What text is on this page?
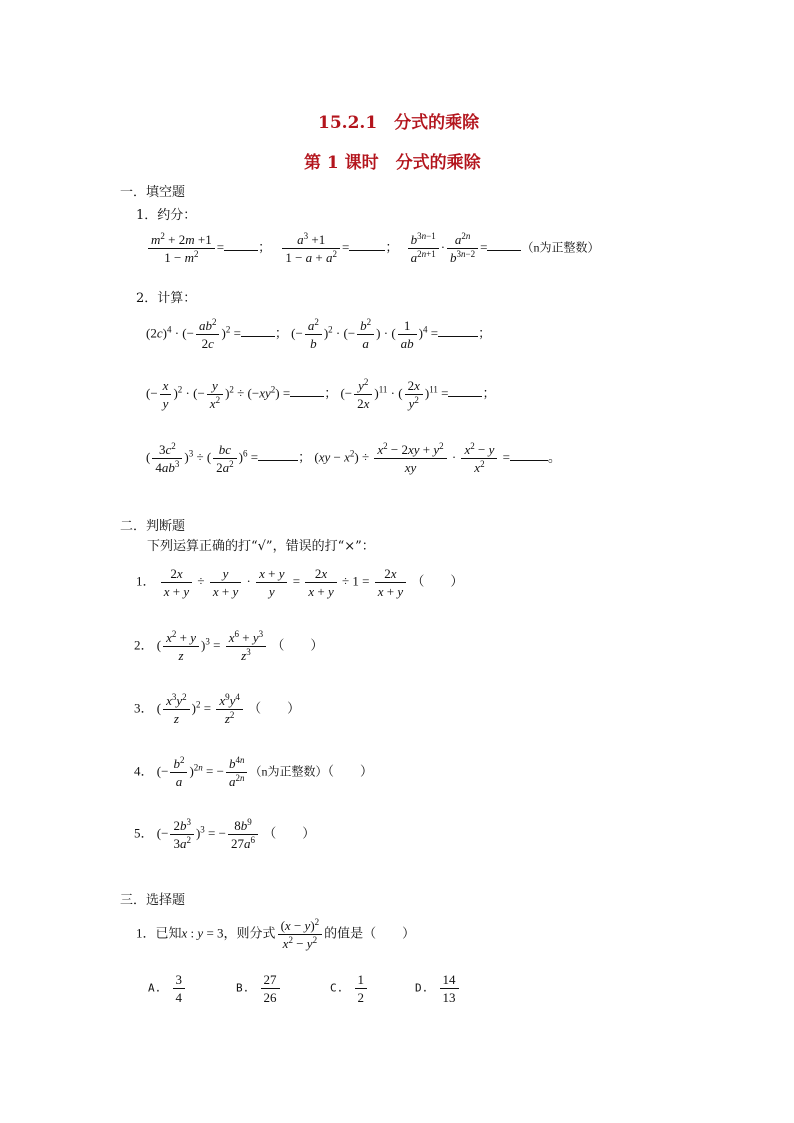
15.2.1　分式的乘除
第 1 课时　分式的乘除
一．填空题
1．约分：
$\frac{m^2 + 2m +1}{1 - m^2}$ =	； $\frac{a^3 +1}{1 - a + a^2}$ =	； $\frac{b^{3n-1}}{a^{2n+1}} \cdot \frac{a^{2n}}{b^{3n-2}}$ =	（n为正整数）
2．计算：
$(2c)^4$ · (− $\frac{ab^2}{2c} )^2$ =	； (− $\frac{a^2}{b} )^2$ · (− $\frac{b^2}{a}$ ) · ( $\frac{1}{ab} )^4$ =	；
(− $\frac{x}{y} )^2$ · (− $\frac{y}{x^2} )^2 \div (-xy^2)$ =	； (− $\frac{y^2}{2x} )^{11}$ · ( $\frac{2x}{y^2} )^{11}$ =	；
( $\frac{3c^2}{4ab^3} )^3$ ÷ ( $\frac{bc}{2a^2} )^6$ =	； $(xy - x^2) \div \frac{x^2 - 2xy + y^2}{xy} \cdot \frac{x^2 - y}{x^2}$ =	。
二．判断题
下列运算正确的打“√”，错误的打“×”：
1． $\frac{2x}{x + y} \div \frac{y}{x + y} \cdot \frac{x + y}{y} = \frac{2x}{x + y} \div 1 = \frac{2x}{x + y}$ （　　）
2． ( $\frac{x^2 + y}{z} )^3 = \frac{x^6 + y^3}{z^3}$ （　　）
3． ( $\frac{x^3y^2}{z} )^2 = \frac{x^9y^4}{z^2}$ （　　）
4． (− $\frac{b^2}{a} )^{2n}$ = − $\frac{b^{4n}}{a^{2n}} (n$为正整数）（　　）
5． (− $\frac{2b^3}{3a^2} )^3$ = − $\frac{8b^9}{27a^6}$ （　　）
三．选择题
1．已知x : y = 3，则分式 $\frac{(x - y)^2}{x^2 - y^2}$ 的值是（　　）
A. $\frac{3}{4}$	B. $\frac{27}{26}$	C. $\frac{1}{2}$	D. $\frac{14}{13}$
